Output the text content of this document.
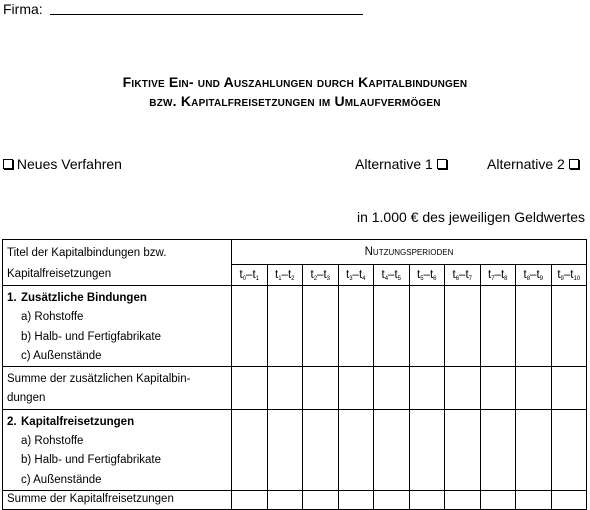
Firma:
Fiktive Ein- und Auszahlungen durch Kapitalbindungen
bzw. Kapitalfreisetzungen im Umlaufvermögen
Neues Verfahren	Alternative 1	Alternative 2
in 1.000 € des jeweiligen Geldwertes
Titel der Kapitalbindungen bzw.
Kapitalfreisetzungen	Nutzungsperioden									
	$t_0-t_1$	$t_1-t_2$	$t_2-t_3$	$t_3-t_4$	$t_4-t_5$	$t_5-t_6$	$t_6-t_7$	$t_7-t_8$	$t_8-t_9$	$t_9-t_{10}$

1. Zusätzliche Bindungen
a) Rohstoffe
b) Halb- und Fertigfabrikate
c) Außenstände										

Summe der zusätzlichen Kapitalbin-
dungen										

2. Kapitalfreisetzungen
a) Rohstoffe
b) Halb- und Fertigfabrikate
c) Außenstände										

Summe der Kapitalfreisetzungen										
